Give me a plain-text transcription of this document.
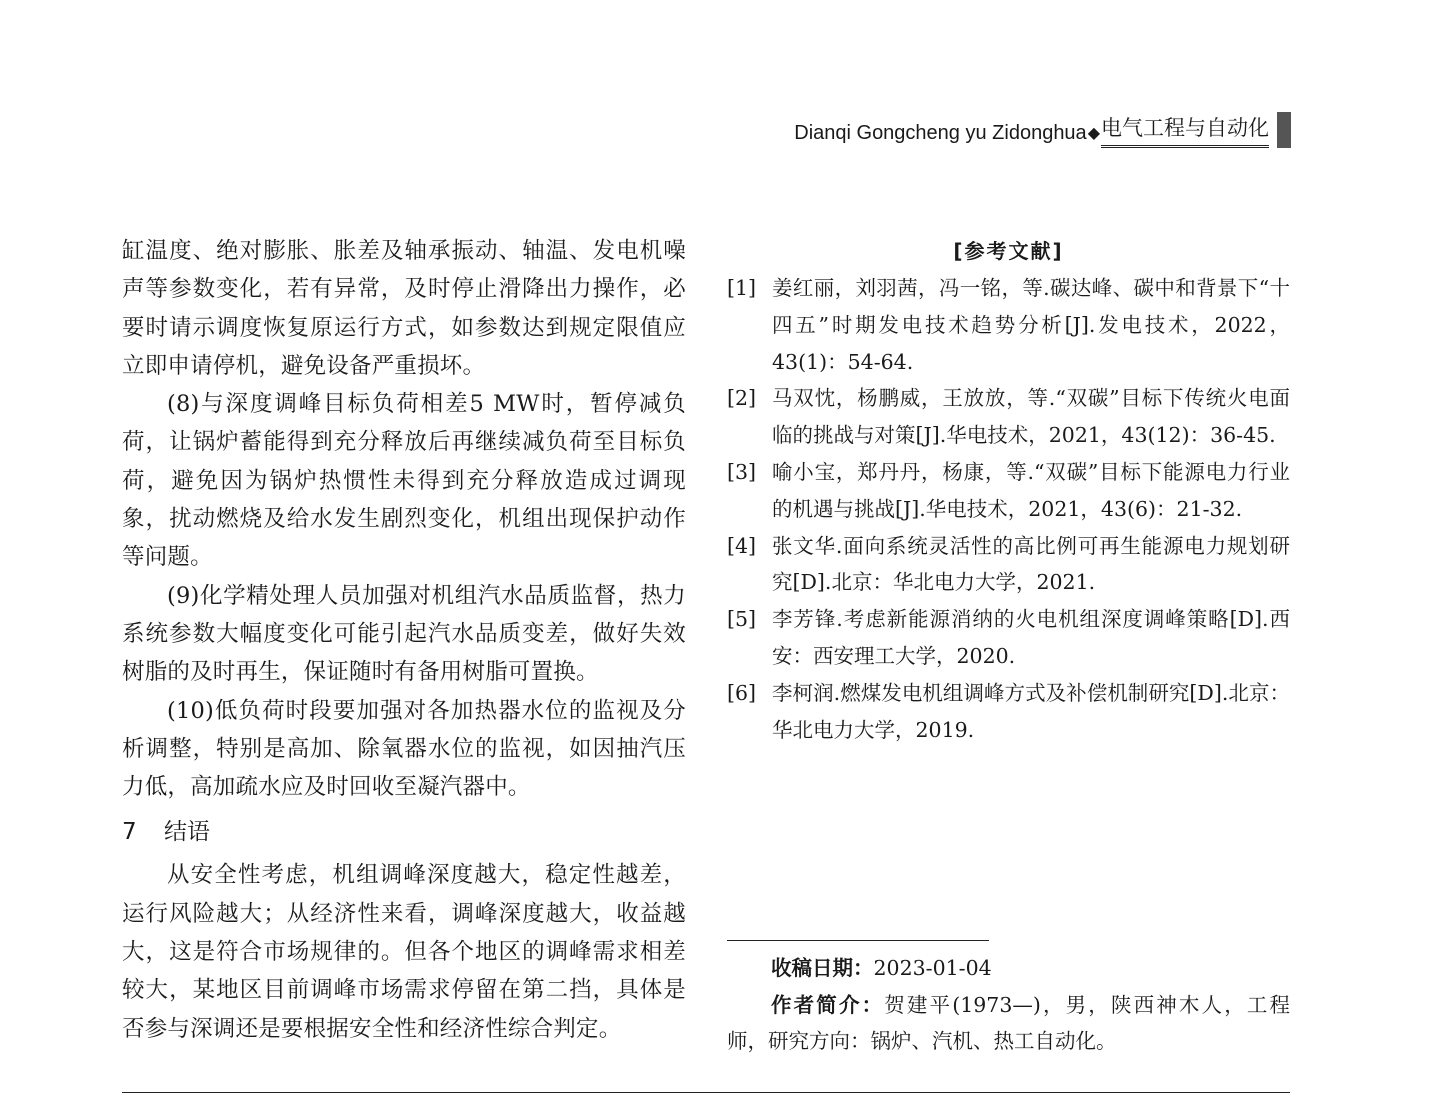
Dianqi Gongcheng yu Zidonghua ◆ 电气工程与自动化

缸温度、绝对膨胀、胀差及轴承振动、轴温、发电机噪声等参数变化，若有异常，及时停止滑降出力操作，必要时请示调度恢复原运行方式，如参数达到规定限值应立即申请停机，避免设备严重损坏。

(8)与深度调峰目标负荷相差5 MW时，暂停减负荷，让锅炉蓄能得到充分释放后再继续减负荷至目标负荷，避免因为锅炉热惯性未得到充分释放造成过调现象，扰动燃烧及给水发生剧烈变化，机组出现保护动作等问题。

(9)化学精处理人员加强对机组汽水品质监督，热力系统参数大幅度变化可能引起汽水品质变差，做好失效树脂的及时再生，保证随时有备用树脂可置换。

(10)低负荷时段要加强对各加热器水位的监视及分析调整，特别是高加、除氧器水位的监视，如因抽汽压力低，高加疏水应及时回收至凝汽器中。

7 结语

从安全性考虑，机组调峰深度越大，稳定性越差，运行风险越大；从经济性来看，调峰深度越大，收益越大，这是符合市场规律的。但各个地区的调峰需求相差较大，某地区目前调峰市场需求停留在第二挡，具体是否参与深调还是要根据安全性和经济性综合判定。

[参考文献]
[1] 姜红丽，刘羽茜，冯一铭，等.碳达峰、碳中和背景下“十四五”时期发电技术趋势分析[J].发电技术，2022，43(1)：54-64.
[2] 马双忱，杨鹏威，王放放，等.“双碳”目标下传统火电面临的挑战与对策[J].华电技术，2021，43(12)：36-45.
[3] 喻小宝，郑丹丹，杨康，等.“双碳”目标下能源电力行业的机遇与挑战[J].华电技术，2021，43(6)：21-32.
[4] 张文华.面向系统灵活性的高比例可再生能源电力规划研究[D].北京：华北电力大学，2021.
[5] 李芳锋.考虑新能源消纳的火电机组深度调峰策略[D].西安：西安理工大学，2020.
[6] 李柯润.燃煤发电机组调峰方式及补偿机制研究[D].北京：华北电力大学，2019.

收稿日期：2023-01-04

作者简介：贺建平(1973—)，男，陕西神木人，工程师，研究方向：锅炉、汽机、热工自动化。
